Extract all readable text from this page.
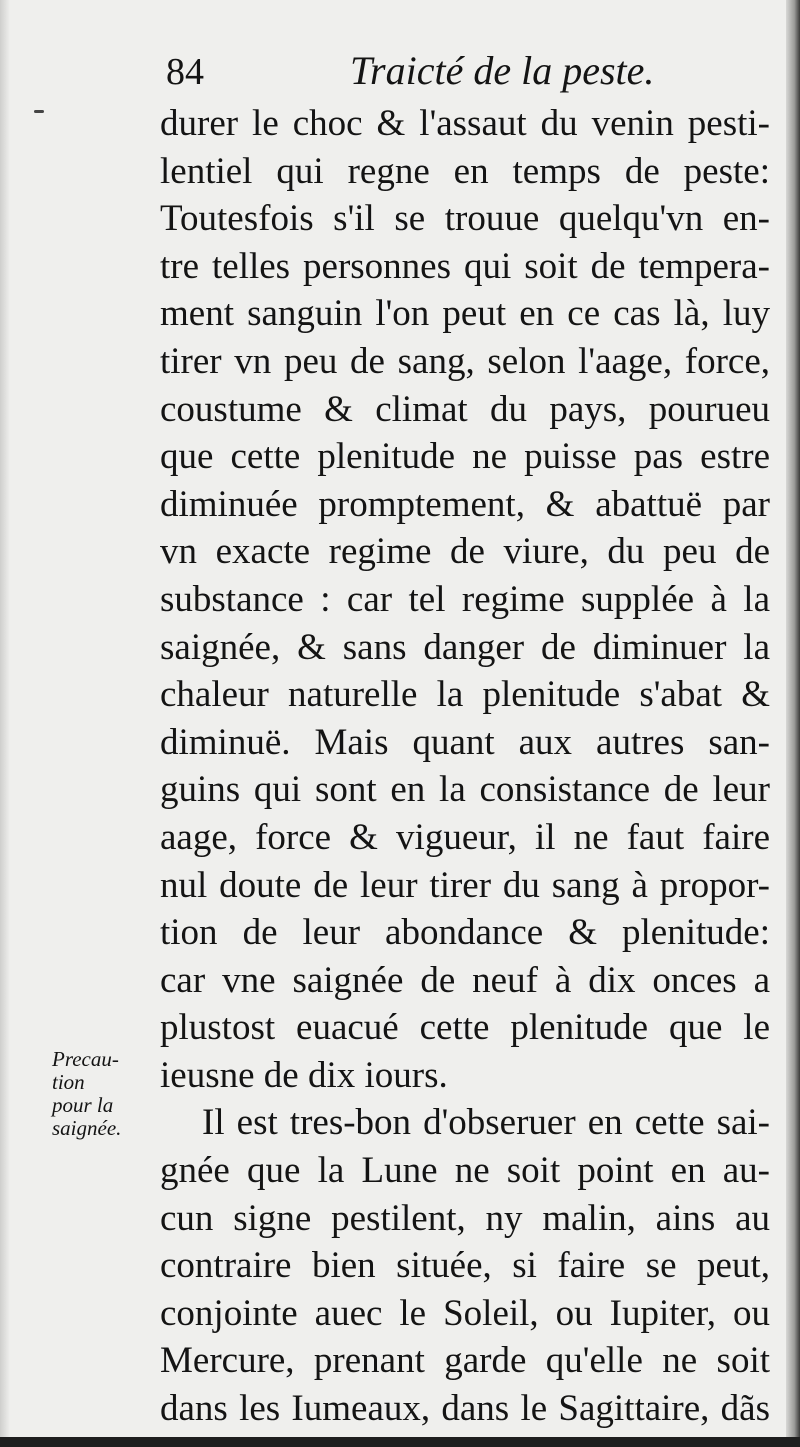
84	Traicté de la peste.
durer le choc & l'assaut du venin pesti-
lentiel qui regne en temps de peste:
Toutesfois s'il se trouue quelqu'vn en-
tre telles personnes qui soit de tempera-
ment sanguin l'on peut en ce cas là, luy
tirer vn peu de sang, selon l'aage, force,
coustume & climat du pays, pourueu
que cette plenitude ne puisse pas estre
diminuée promptement, & abattuë par
vn exacte regime de viure, du peu de
substance : car tel regime supplée à la
saignée, & sans danger de diminuer la
chaleur naturelle la plenitude s'abat &
diminuë. Mais quant aux autres san-
guins qui sont en la consistance de leur
aage, force & vigueur, il ne faut faire
nul doute de leur tirer du sang à propor-
tion de leur abondance & plenitude:
car vne saignée de neuf à dix onces a
plustost euacué cette plenitude que le
ieusne de dix iours.
Il est tres-bon d'obseruer en cette sai-
gnée que la Lune ne soit point en au-
cun signe pestilent, ny malin, ains au
contraire bien située, si faire se peut,
conjointe auec le Soleil, ou Iupiter, ou
Mercure, prenant garde qu'elle ne soit
dans les Iumeaux, dans le Sagittaire, dãs
Precau-
tion
pour la
saignée.
